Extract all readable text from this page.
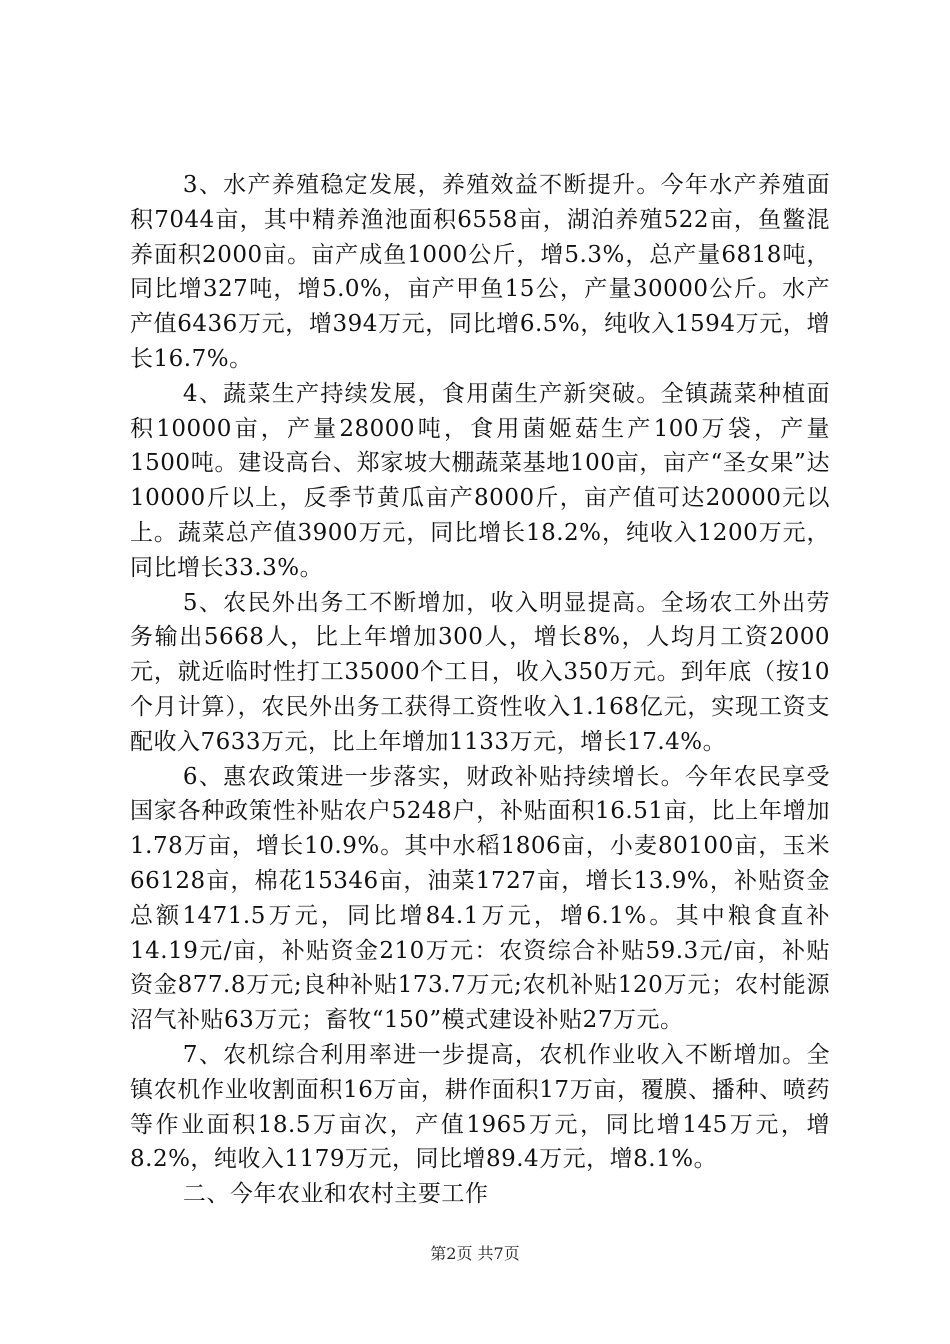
3、水产养殖稳定发展，养殖效益不断提升。今年水产养殖面积7044亩，其中精养渔池面积6558亩，湖泊养殖522亩，鱼鳖混养面积2000亩。亩产成鱼1000公斤，增5.3%，总产量6818吨，同比增327吨，增5.0%，亩产甲鱼15公，产量30000公斤。水产产值6436万元，增394万元，同比增6.5%，纯收入1594万元，增长16.7%。

4、蔬菜生产持续发展，食用菌生产新突破。全镇蔬菜种植面积10000亩，产量28000吨，食用菌姬菇生产100万袋，产量1500吨。建设高台、郑家坡大棚蔬菜基地100亩，亩产“圣女果”达10000斤以上，反季节黄瓜亩产8000斤，亩产值可达20000元以上。蔬菜总产值3900万元，同比增长18.2%，纯收入1200万元，同比增长33.3%。

5、农民外出务工不断增加，收入明显提高。全场农工外出劳务输出5668人，比上年增加300人，增长8%，人均月工资2000元，就近临时性打工35000个工日，收入350万元。到年底（按10个月计算），农民外出务工获得工资性收入1.168亿元，实现工资支配收入7633万元，比上年增加1133万元，增长17.4%。

6、惠农政策进一步落实，财政补贴持续增长。今年农民享受国家各种政策性补贴农户5248户，补贴面积16.51亩，比上年增加1.78万亩，增长10.9%。其中水稻1806亩，小麦80100亩，玉米66128亩，棉花15346亩，油菜1727亩，增长13.9%，补贴资金总额1471.5万元，同比增84.1万元，增6.1%。其中粮食直补14.19元/亩，补贴资金210万元：农资综合补贴59.3元/亩，补贴资金877.8万元;良种补贴173.7万元;农机补贴120万元；农村能源沼气补贴63万元；畜牧“150”模式建设补贴27万元。

7、农机综合利用率进一步提高，农机作业收入不断增加。全镇农机作业收割面积16万亩，耕作面积17万亩，覆膜、播种、喷药等作业面积18.5万亩次，产值1965万元，同比增145万元，增8.2%，纯收入1179万元，同比增89.4万元，增8.1%。

二、今年农业和农村主要工作

第2页 共7页
